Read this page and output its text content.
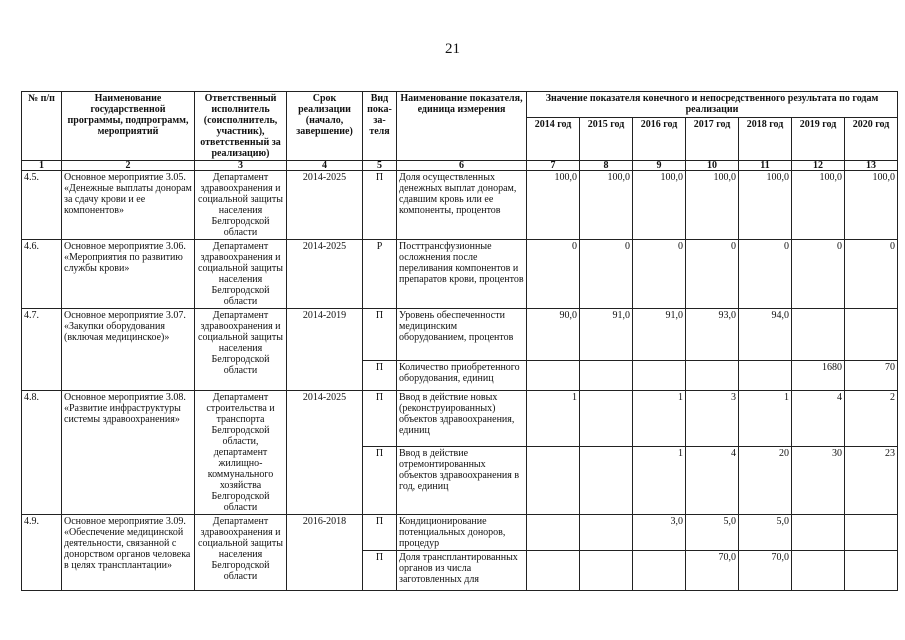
21
№ п/п	Наименование государственной программы, подпрограмм, мероприятий	Ответственный исполнитель (соисполнитель, участник), ответственный за реализацию)	Срок реализации (начало, завершение)	Вид пока-за-теля	Наименование показателя, единица измерения	Значение показателя конечного и непосредственного результата по годам реализации						
						2014 год	2015 год	2016 год	2017 год	2018 год	2019 год	2020 год
1	2	3	4	5	6	7	8	9	10	11	12	13
4.5.	Основное мероприятие 3.05. «Денежные выплаты донорам за сдачу крови и ее компонентов»	Департамент здравоохранения и социальной защиты населения Белгородской области	2014-2025	П	Доля осуществленных денежных выплат донорам, сдавшим кровь или ее компоненты, процентов	100,0	100,0	100,0	100,0	100,0	100,0	100,0
4.6.	Основное мероприятие 3.06. «Мероприятия по развитию службы крови»	Департамент здравоохранения и социальной защиты населения Белгородской области	2014-2025	Р	Посттрансфузионные осложнения после переливания компонентов и препаратов крови, процентов	0	0	0	0	0	0	0
4.7.	Основное мероприятие 3.07. «Закупки оборудования (включая медицинское)»	Департамент здравоохранения и социальной защиты населения Белгородской области	2014-2019	П	Уровень обеспеченности медицинским оборудованием, процентов	90,0	91,0	91,0	93,0	94,0		
				П	Количество приобретенного оборудования, единиц						1680	70
4.8.	Основное мероприятие 3.08. «Развитие инфраструктуры системы здравоохранения»	Департамент строительства и транспорта Белгородской области, департамент жилищно-коммунального хозяйства Белгородской области	2014-2025	П	Ввод в действие новых (реконструированных) объектов здравоохранения, единиц	1		1	3	1	4	2
				П	Ввод в действие отремонтированных объектов здравоохранения в год, единиц			1	4	20	30	23
4.9.	Основное мероприятие 3.09. «Обеспечение медицинской деятельности, связанной с донорством органов человека в целях трансплантации»	Департамент здравоохранения и социальной защиты населения Белгородской области	2016-2018	П	Кондиционирование потенциальных доноров, процедур			3,0	5,0	5,0		
				П	Доля трансплантированных органов из числа заготовленных для				70,0	70,0		
